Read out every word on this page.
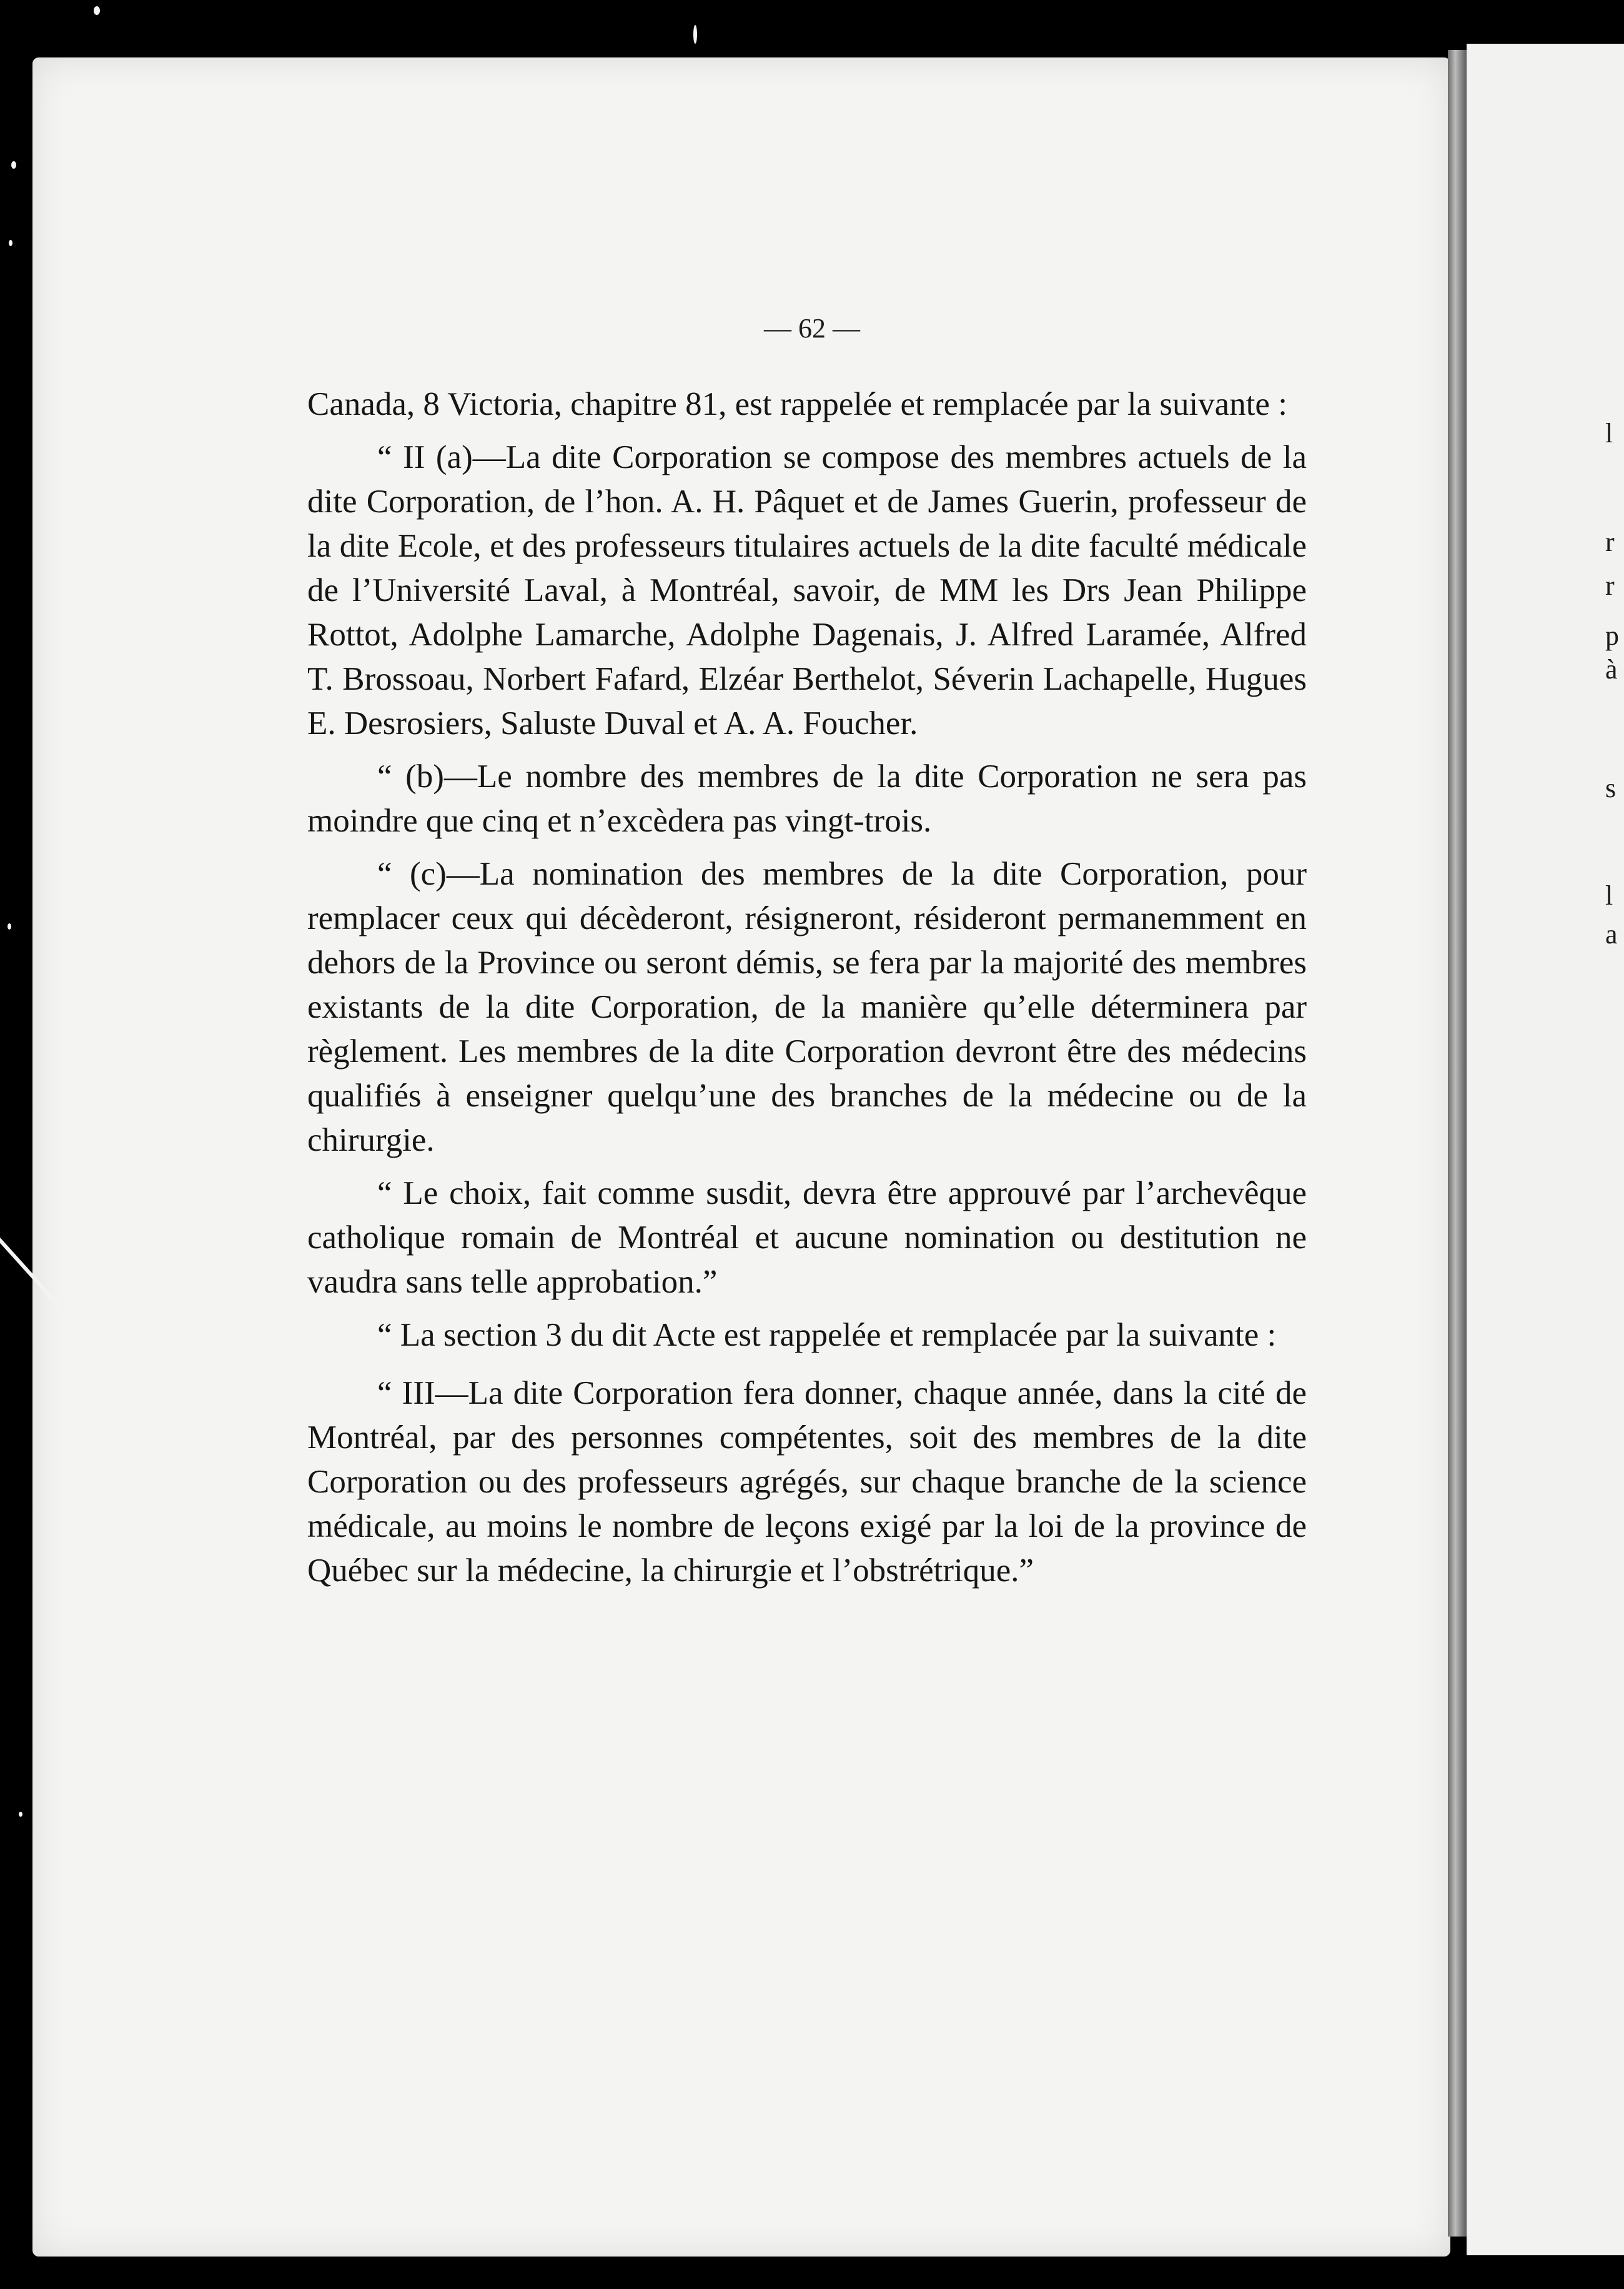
l
r
r
p
à
s
l
a
— 62 —

Canada, 8 Victoria, chapitre 81, est rappelée et remplacée par la suivante :

“ II (a)—La dite Corporation se compose des membres actuels de la dite Corporation, de l’hon. A. H. Pâquet et de James Guerin, professeur de la dite Ecole, et des professeurs titulaires actuels de la dite faculté médicale de l’Université Laval, à Montréal, savoir, de MM les Drs Jean Philippe Rottot, Adolphe Lamarche, Adolphe Dagenais, J. Alfred Laramée, Alfred T. Brossoau, Norbert Fafard, Elzéar Berthelot, Séverin Lachapelle, Hugues E. Desrosiers, Saluste Duval et A. A. Foucher.

“ (b)—Le nombre des membres de la dite Corporation ne sera pas moindre que cinq et n’excèdera pas vingt-trois.

“ (c)—La nomination des membres de la dite Corporation, pour remplacer ceux qui décèderont, résigneront, résideront permanemment en dehors de la Province ou seront démis, se fera par la majorité des membres existants de la dite Corporation, de la manière qu’elle déterminera par règlement. Les membres de la dite Corporation devront être des médecins qualifiés à enseigner quelqu’une des branches de la médecine ou de la chirurgie.

“ Le choix, fait comme susdit, devra être approuvé par l’archevêque catholique romain de Montréal et aucune nomination ou destitution ne vaudra sans telle approbation.”

“ La section 3 du dit Acte est rappelée et remplacée par la suivante :

“ III—La dite Corporation fera donner, chaque année, dans la cité de Montréal, par des personnes compétentes, soit des membres de la dite Corporation ou des professeurs agrégés, sur chaque branche de la science médicale, au moins le nombre de leçons exigé par la loi de la province de Québec sur la médecine, la chirurgie et l’obstrétrique.”
